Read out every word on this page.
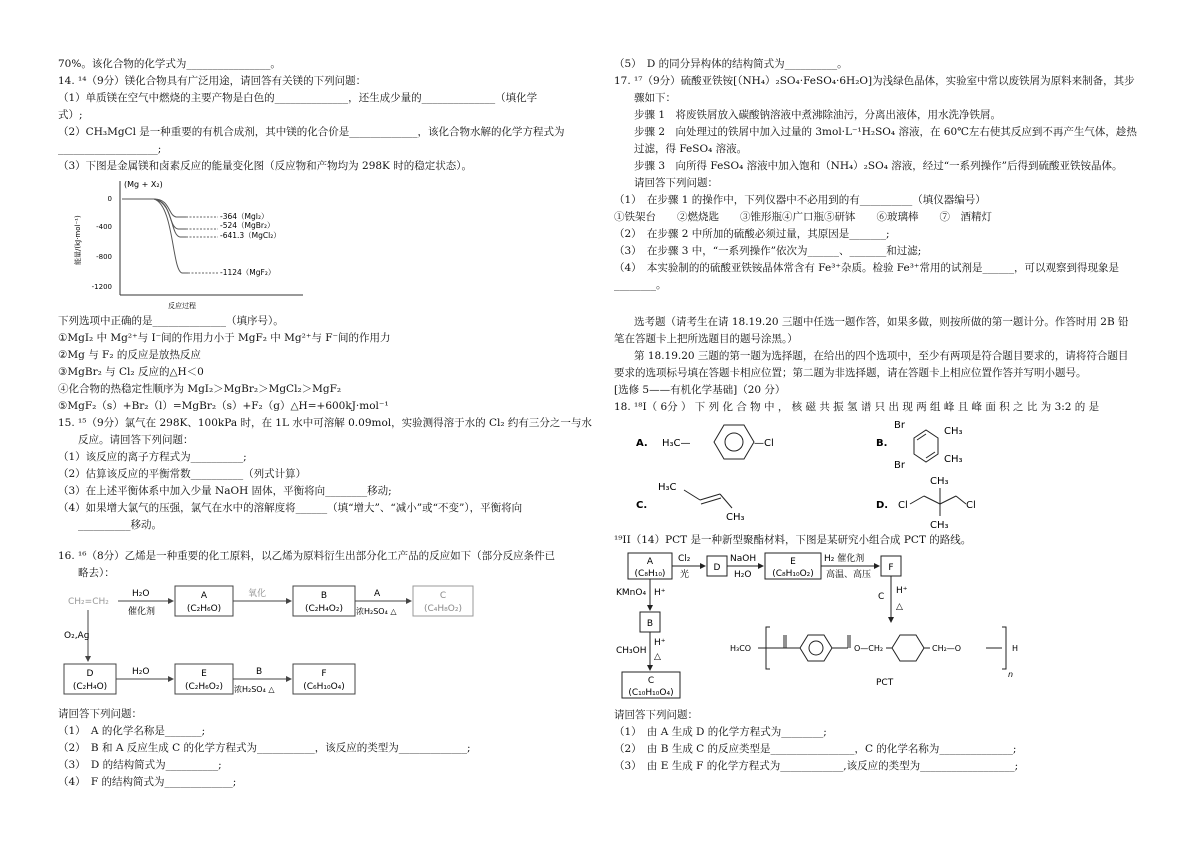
70%。该化合物的化学式为________________。
14. ¹⁴（9分）镁化合物具有广泛用途，请回答有关镁的下列问题：
（1）单质镁在空气中燃烧的主要产物是白色的______________，还生成少量的______________（填化学
式）;
（2）CH₃MgCl 是一种重要的有机合成剂，其中镁的化合价是_____________，该化合物水解的化学方程式为
___________________;
（3）下图是金属镁和卤素反应的能量变化图（反应物和产物均为 298K 时的稳定状态）。
(Mg + X₂)
0
-400
-800
-1200
能量/(kJ·mol⁻¹)	-364（MgI₂）
-524（MgBr₂）
-641.3（MgCl₂）
-1124（MgF₂）
反应过程
下列选项中正确的是______________（填序号）。
①MgI₂ 中 Mg²⁺与 I⁻间的作用力小于 MgF₂ 中 Mg²⁺与 F⁻间的作用力
②Mg 与 F₂ 的反应是放热反应
③MgBr₂ 与 Cl₂ 反应的△H＜0
④化合物的热稳定性顺序为 MgI₂＞MgBr₂＞MgCl₂＞MgF₂
⑤MgF₂（s）+Br₂（l）=MgBr₂（s）+F₂（g）△H=+600kJ·mol⁻¹
15. ¹⁵（9分）氯气在 298K、100kPa 时，在 1L 水中可溶解 0.09mol，实验测得溶于水的 Cl₂ 约有三分之一与水
反应。请回答下列问题：
（1）该反应的离子方程式为__________;
（2）估算该反应的平衡常数__________（列式计算）
（3）在上述平衡体系中加入少量 NaOH 固体，平衡将向________移动;
（4）如果增大氯气的压强，氯气在水中的溶解度将______（填“增大”、“减小”或“不变”），平衡将向
__________移动。
16. ¹⁶（8分）乙烯是一种重要的化工原料，以乙烯为原料衍生出部分化工产品的反应如下（部分反应条件已
略去）：
CH₂=CH₂
H₂O
催化剂
A
(C₂H₆O)
氧化	B
(C₂H₄O₂)
A
浓H₂SO₄ △
C
(C₄H₈O₂)
O₂,Ag
D
(C₂H₄O)
H₂O	E
(C₂H₆O₂)
B
浓H₂SO₄ △
F
(C₆H₁₀O₄)
请回答下列问题：
（1）　A 的化学名称是_______;
（2）　B 和 A 反应生成 C 的化学方程式为___________，该反应的类型为_____________;
（3）　D 的结构简式为__________;
（4）　F 的结构简式为_____________;
（5）　D 的同分异构体的结构简式为__________。
17. ¹⁷（9分）硫酸亚铁铵[（NH₄）₂SO₄·FeSO₄·6H₂O]为浅绿色晶体，实验室中常以废铁屑为原料来制备，其步
骤如下：
步骤 1　将废铁屑放入碳酸钠溶液中煮沸除油污，分离出液体，用水洗净铁屑。
步骤 2　向处理过的铁屑中加入过量的 3mol·L⁻¹H₂SO₄ 溶液，在 60℃左右使其反应到不再产生气体，趁热
过滤，得 FeSO₄ 溶液。
步骤 3　向所得 FeSO₄ 溶液中加入饱和（NH₄）₂SO₄ 溶液，经过“一系列操作”后得到硫酸亚铁铵晶体。
请回答下列问题：
（1）　在步骤 1 的操作中，下列仪器中不必用到的有__________（填仪器编号）
①铁架台　　②燃烧匙　　③锥形瓶④广口瓶⑤研钵　　⑥玻璃棒　　⑦　酒精灯
（2）　在步骤 2 中所加的硫酸必须过量，其原因是_______;
（3）　在步骤 3 中，“一系列操作”依次为______、_______和过滤;
（4）　本实验制的的硫酸亚铁铵晶体常含有 Fe³⁺杂质。检验 Fe³⁺常用的试剂是______，可以观察到得现象是
________。
选考题（请考生在请 18.19.20 三题中任选一题作答，如果多做，则按所做的第一题计分。作答时用 2B 铅
笔在答题卡上把所选题目的题号涂黑。）
第 18.19.20 三题的第一题为选择题，在给出的四个选项中，至少有两项是符合题目要求的，请将符合题目
要求的选项标号填在答题卡相应位置；第二题为非选择题，请在答题卡上相应位置作答并写明小题号。
[选修 5——有机化学基础]（20 分）
18. ¹⁸I（ 6分 ） 下 列 化 合 物 中 ， 核 磁 共 振 氢 谱 只 出 现 两 组 峰 且 峰 面 积 之 比 为 3:2 的 是
A. H₃C—	—Cl	B.
Br
Br
CH₃
CH₃
C.
H₃C
CH₃
D. Cl	Cl
CH₃
CH₃
¹⁹II（14）PCT 是一种新型聚酯材料，下图是某研究小组合成 PCT 的路线。
A
(C₈H₁₀)
Cl₂
光
D
NaOH
H₂O
E
(C₈H₁₀O₂)
H₂ 催化剂
高温、高压
F
C
H⁺
△
KMnO₄ H⁺
B
CH₃OH
H⁺
△
C
(C₁₀H₁₀O₄)
H₃CO	O—CH₂	CH₂—O	H
n
PCT
请回答下列问题：
（1）　由 A 生成 D 的化学方程式为________;
（2）　由 B 生成 C 的反应类型是________________，C 的化学名称为______________;
（3）　由 E 生成 F 的化学方程式为____________,该反应的类型为__________________;
